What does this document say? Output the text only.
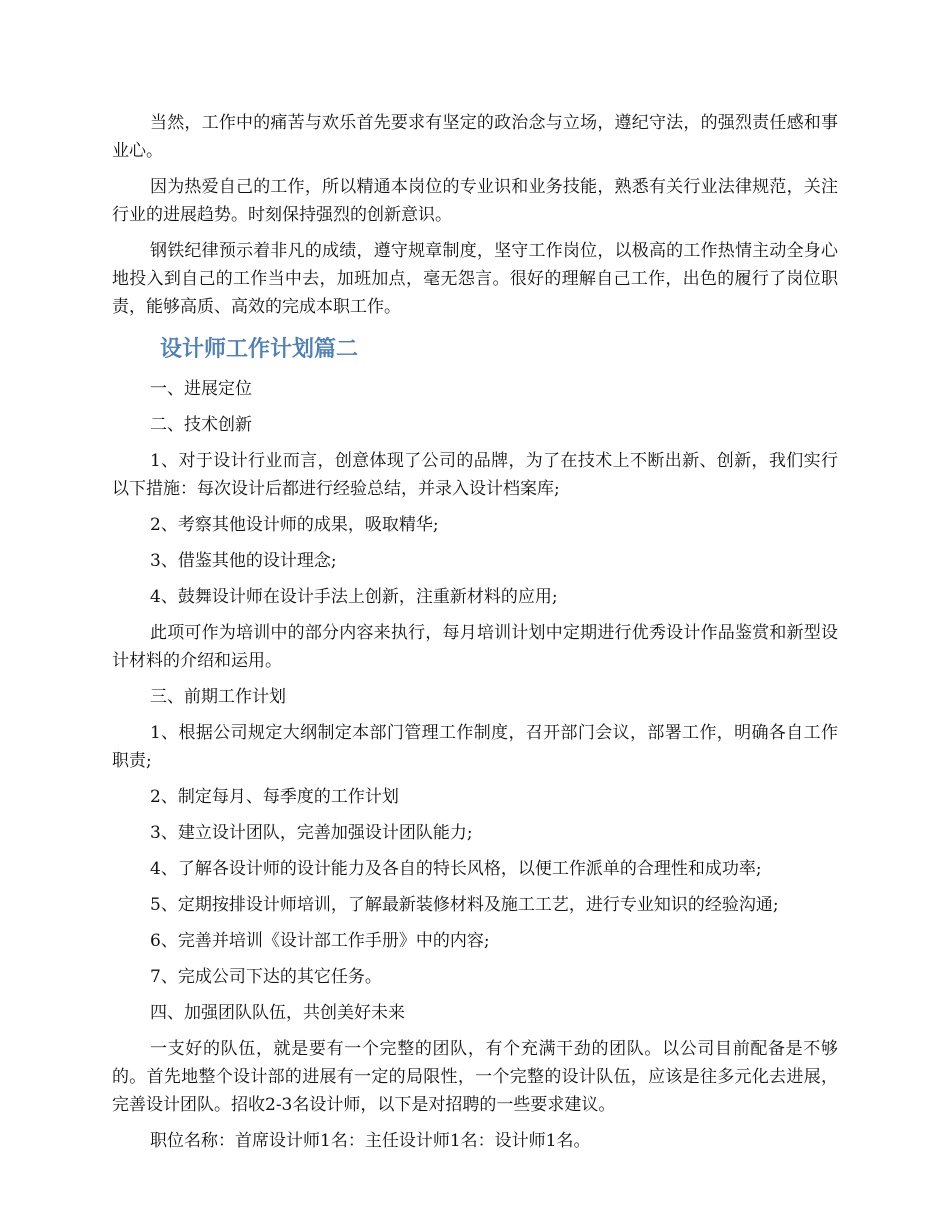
当然，工作中的痛苦与欢乐首先要求有坚定的政治念与立场，遵纪守法，的强烈责任感和事业心。

因为热爱自己的工作，所以精通本岗位的专业识和业务技能，熟悉有关行业法律规范，关注行业的进展趋势。时刻保持强烈的创新意识。

钢铁纪律预示着非凡的成绩，遵守规章制度，坚守工作岗位，以极高的工作热情主动全身心地投入到自己的工作当中去，加班加点，毫无怨言。很好的理解自己工作，出色的履行了岗位职责，能够高质、高效的完成本职工作。

设计师工作计划篇二

一、进展定位

二、技术创新

1、对于设计行业而言，创意体现了公司的品牌，为了在技术上不断出新、创新，我们实行以下措施：每次设计后都进行经验总结，并录入设计档案库;

2、考察其他设计师的成果，吸取精华;

3、借鉴其他的设计理念;

4、鼓舞设计师在设计手法上创新，注重新材料的应用;

此项可作为培训中的部分内容来执行，每月培训计划中定期进行优秀设计作品鉴赏和新型设计材料的介绍和运用。

三、前期工作计划

1、根据公司规定大纲制定本部门管理工作制度，召开部门会议，部署工作，明确各自工作职责;

2、制定每月、每季度的工作计划

3、建立设计团队，完善加强设计团队能力;

4、了解各设计师的设计能力及各自的特长风格，以便工作派单的合理性和成功率;

5、定期按排设计师培训，了解最新装修材料及施工工艺，进行专业知识的经验沟通;

6、完善并培训《设计部工作手册》中的内容;

7、完成公司下达的其它任务。

四、加强团队队伍，共创美好未来

一支好的队伍，就是要有一个完整的团队，有个充满干劲的团队。以公司目前配备是不够的。首先地整个设计部的进展有一定的局限性，一个完整的设计队伍，应该是往多元化去进展，完善设计团队。招收2-3名设计师，以下是对招聘的一些要求建议。

职位名称：首席设计师1名：主任设计师1名：设计师1名。
